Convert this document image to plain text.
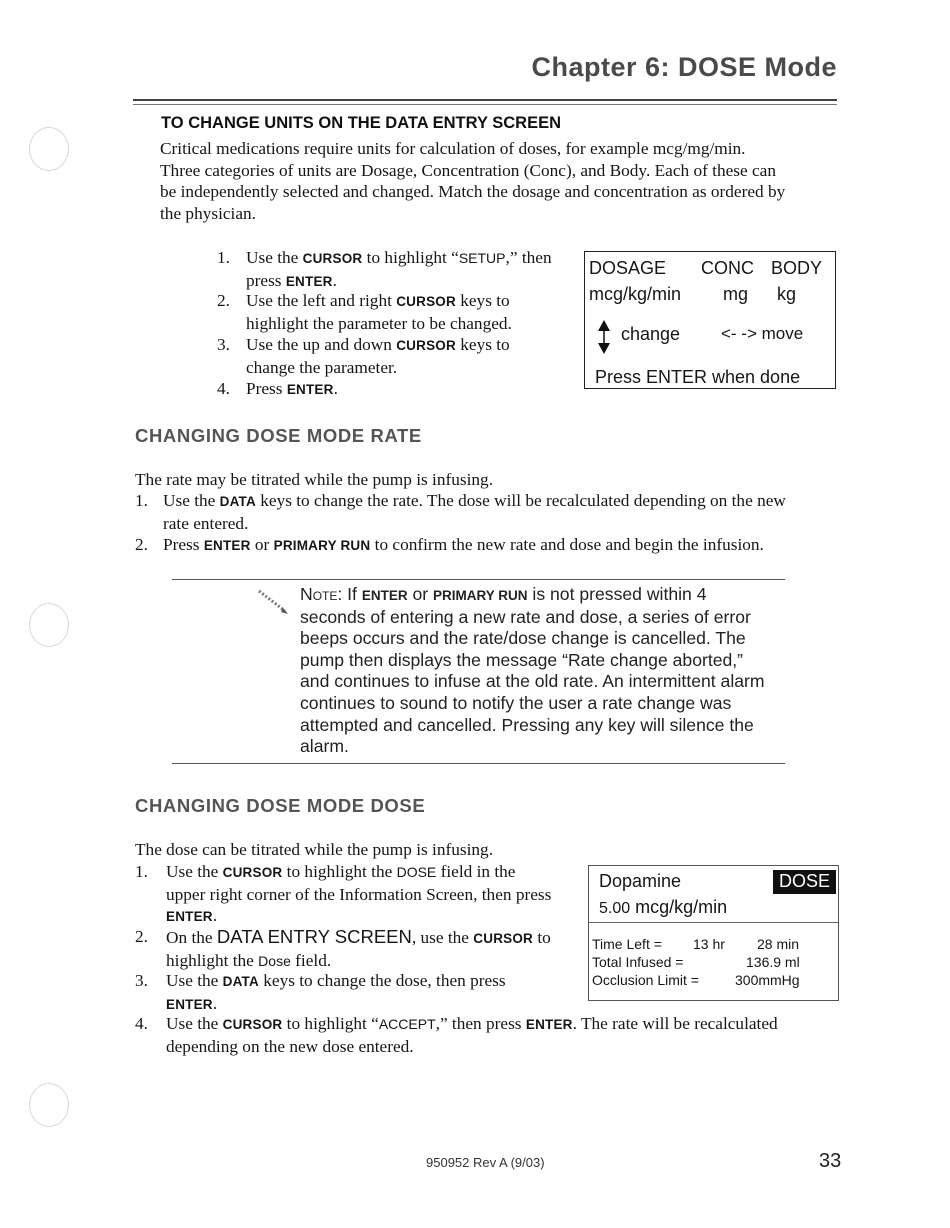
Chapter 6: DOSE Mode
TO CHANGE UNITS ON THE DATA ENTRY SCREEN
Critical medications require units for calculation of doses, for example mcg/mg/min.
Three categories of units are Dosage, Concentration (Conc), and Body. Each of these can
be independently selected and changed. Match the dosage and concentration as ordered by
the physician.
1. Use the CURSOR to highlight “SETUP,” then
press ENTER.
2. Use the left and right CURSOR keys to
highlight the parameter to be changed.
3. Use the up and down CURSOR keys to
change the parameter.
4. Press ENTER.
DOSAGE CONC BODY
mcg/kg/min mg kg
change <- -> move
Press ENTER when done
CHANGING DOSE MODE RATE
The rate may be titrated while the pump is infusing.
1. Use the DATA keys to change the rate. The dose will be recalculated depending on the new
rate entered.
2. Press ENTER or PRIMARY RUN to confirm the new rate and dose and begin the infusion.
Note: If ENTER or PRIMARY RUN is not pressed within 4
seconds of entering a new rate and dose, a series of error
beeps occurs and the rate/dose change is cancelled. The
pump then displays the message “Rate change aborted,”
and continues to infuse at the old rate. An intermittent alarm
continues to sound to notify the user a rate change was
attempted and cancelled. Pressing any key will silence the
alarm.
CHANGING DOSE MODE DOSE
The dose can be titrated while the pump is infusing.
1. Use the CURSOR to highlight the DOSE field in the
upper right corner of the Information Screen, then press
ENTER.
2. On the DATA ENTRY SCREEN, use the CURSOR to
highlight the Dose field.
3. Use the DATA keys to change the dose, then press
ENTER.
4. Use the CURSOR to highlight “ACCEPT,” then press ENTER. The rate will be recalculated
depending on the new dose entered.
Dopamine	DOSE
5.00 mcg/kg/min
Time Left = 13 hr 28 min
Total Infused =	136.9 ml
Occlusion Limit =	300mmHg
950952 Rev A (9/03)	33
